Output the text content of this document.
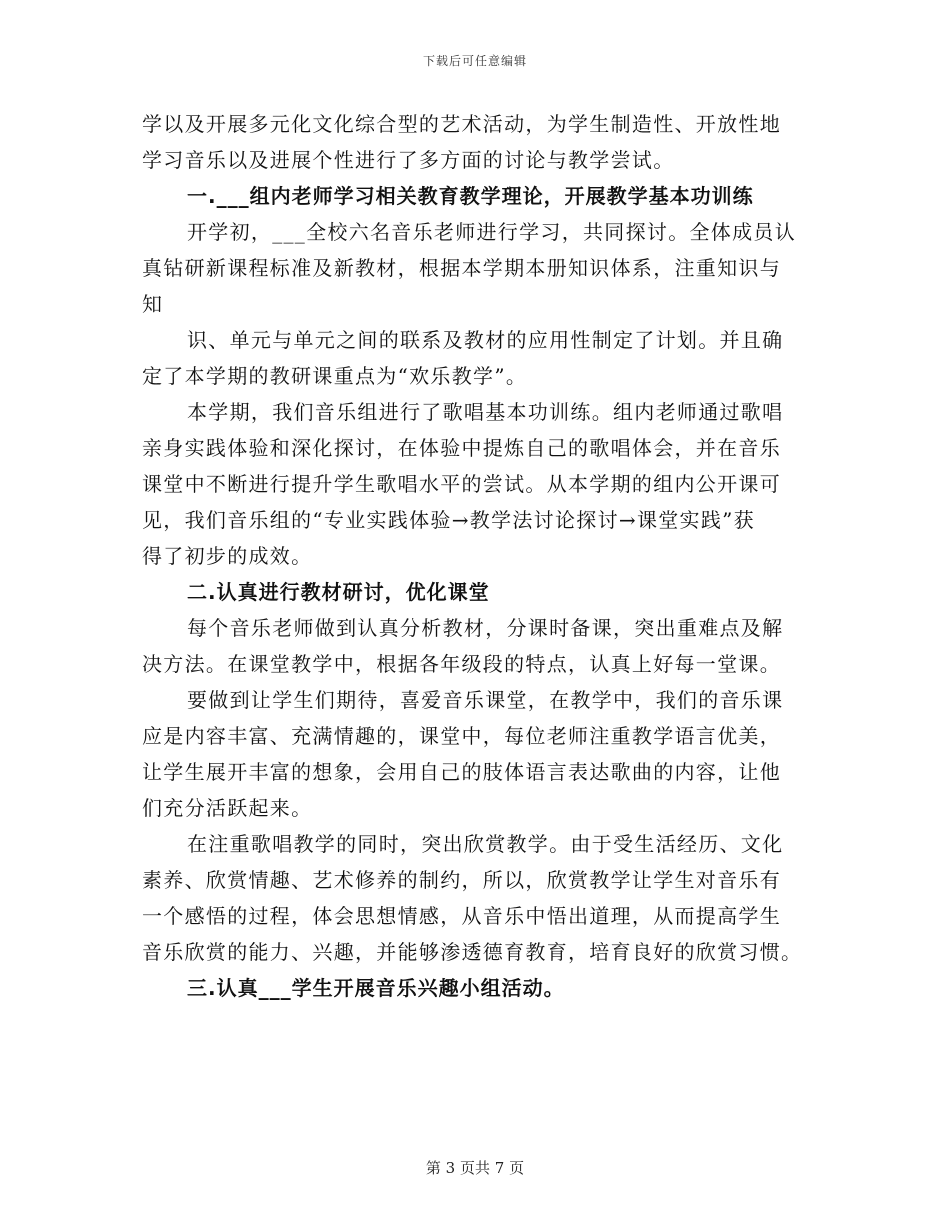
下载后可任意编辑
学以及开展多元化文化综合型的艺术活动，为学生制造性、开放性地
学习音乐以及进展个性进行了多方面的讨论与教学尝试。
一.___组内老师学习相关教育教学理论，开展教学基本功训练
开学初，___全校六名音乐老师进行学习，共同探讨。全体成员认
真钻研新课程标准及新教材，根据本学期本册知识体系，注重知识与
知
识、单元与单元之间的联系及教材的应用性制定了计划。并且确
定了本学期的教研课重点为“欢乐教学”。
本学期，我们音乐组进行了歌唱基本功训练。组内老师通过歌唱
亲身实践体验和深化探讨，在体验中提炼自己的歌唱体会，并在音乐
课堂中不断进行提升学生歌唱水平的尝试。从本学期的组内公开课可
见，我们音乐组的“专业实践体验→教学法讨论探讨→课堂实践”获
得了初步的成效。
二.认真进行教材研讨，优化课堂
每个音乐老师做到认真分析教材，分课时备课，突出重难点及解
决方法。在课堂教学中，根据各年级段的特点，认真上好每一堂课。
要做到让学生们期待，喜爱音乐课堂，在教学中，我们的音乐课
应是内容丰富、充满情趣的，课堂中，每位老师注重教学语言优美，
让学生展开丰富的想象，会用自己的肢体语言表达歌曲的内容，让他
们充分活跃起来。
在注重歌唱教学的同时，突出欣赏教学。由于受生活经历、文化
素养、欣赏情趣、艺术修养的制约，所以，欣赏教学让学生对音乐有
一个感悟的过程，体会思想情感，从音乐中悟出道理，从而提高学生
音乐欣赏的能力、兴趣，并能够渗透德育教育，培育良好的欣赏习惯。
三.认真___学生开展音乐兴趣小组活动。
第 3 页共 7 页
